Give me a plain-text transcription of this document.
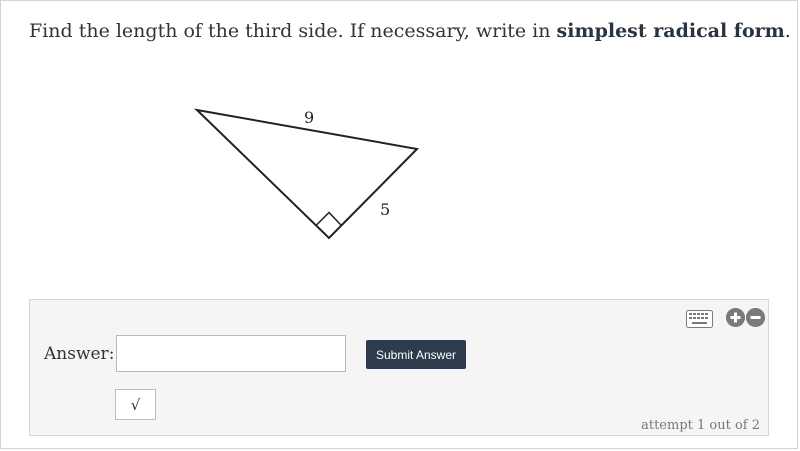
Find the length of the third side. If necessary, write in simplest radical form.
9
5
Answer:	Submit Answer
√
attempt 1 out of 2
